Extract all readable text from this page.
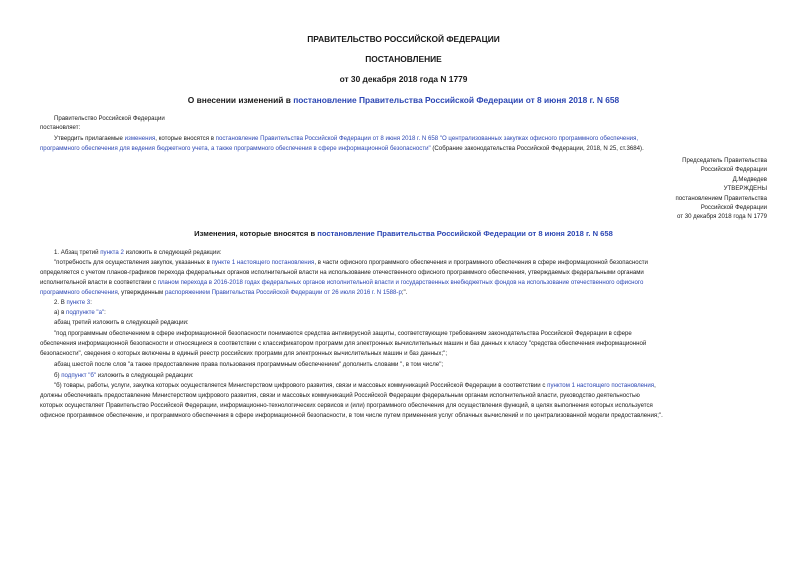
ПРАВИТЕЛЬСТВО РОССИЙСКОЙ ФЕДЕРАЦИИ
ПОСТАНОВЛЕНИЕ
от 30 декабря 2018 года N 1779
О внесении изменений в постановление Правительства Российской Федерации от 8 июня 2018 г. N 658
Правительство Российской Федерации
постановляет:
Утвердить прилагаемые изменения, которые вносятся в постановление Правительства Российской Федерации от 8 июня 2018 г. N 658 "О централизованных закупках офисного программного обеспечения,
программного обеспечения для ведения бюджетного учета, а также программного обеспечения в сфере информационной безопасности" (Собрание законодательства Российской Федерации, 2018, N 25, ст.3684).
Председатель Правительства
Российской Федерации
Д.Медведев
УТВЕРЖДЕНЫ
постановлением Правительства
Российской Федерации
от 30 декабря 2018 года N 1779
Изменения, которые вносятся в постановление Правительства Российской Федерации от 8 июня 2018 г. N 658
1. Абзац третий пункта 2 изложить в следующей редакции:
"потребность для осуществления закупок, указанных в пункте 1 настоящего постановления, в части офисного программного обеспечения и программного обеспечения в сфере информационной безопасности
определяется с учетом планов-графиков перехода федеральных органов исполнительной власти на использование отечественного офисного программного обеспечения, утверждаемых федеральными органами
исполнительной власти в соответствии с планом перехода в 2016-2018 годах федеральных органов исполнительной власти и государственных внебюджетных фондов на использование отечественного офисного
программного обеспечения, утвержденным распоряжением Правительства Российской Федерации от 26 июля 2016 г. N 1588-р;".
2. В пункте 3:
а) в подпункте "а":
абзац третий изложить в следующей редакции:
"под программным обеспечением в сфере информационной безопасности понимаются средства антивирусной защиты, соответствующие требованиям законодательства Российской Федерации в сфере
обеспечения информационной безопасности и относящиеся в соответствии с классификатором программ для электронных вычислительных машин и баз данных к классу "средства обеспечения информационной
безопасности", сведения о которых включены в единый реестр российских программ для электронных вычислительных машин и баз данных;";
абзац шестой после слов "а также предоставление права пользования программным обеспечением" дополнить словами ", в том числе";
б) подпункт "б" изложить в следующей редакции:
"б) товары, работы, услуги, закупка которых осуществляется Министерством цифрового развития, связи и массовых коммуникаций Российской Федерации в соответствии с пунктом 1 настоящего постановления,
должны обеспечивать предоставление Министерством цифрового развития, связи и массовых коммуникаций Российской Федерации федеральным органам исполнительной власти, руководство деятельностью
которых осуществляет Правительство Российской Федерации, информационно-технологических сервисов и (или) программного обеспечения для осуществления функций, в целях выполнения которых используется
офисное программное обеспечение, и программного обеспечения в сфере информационной безопасности, в том числе путем применения услуг облачных вычислений и по централизованной модели предоставления;".
